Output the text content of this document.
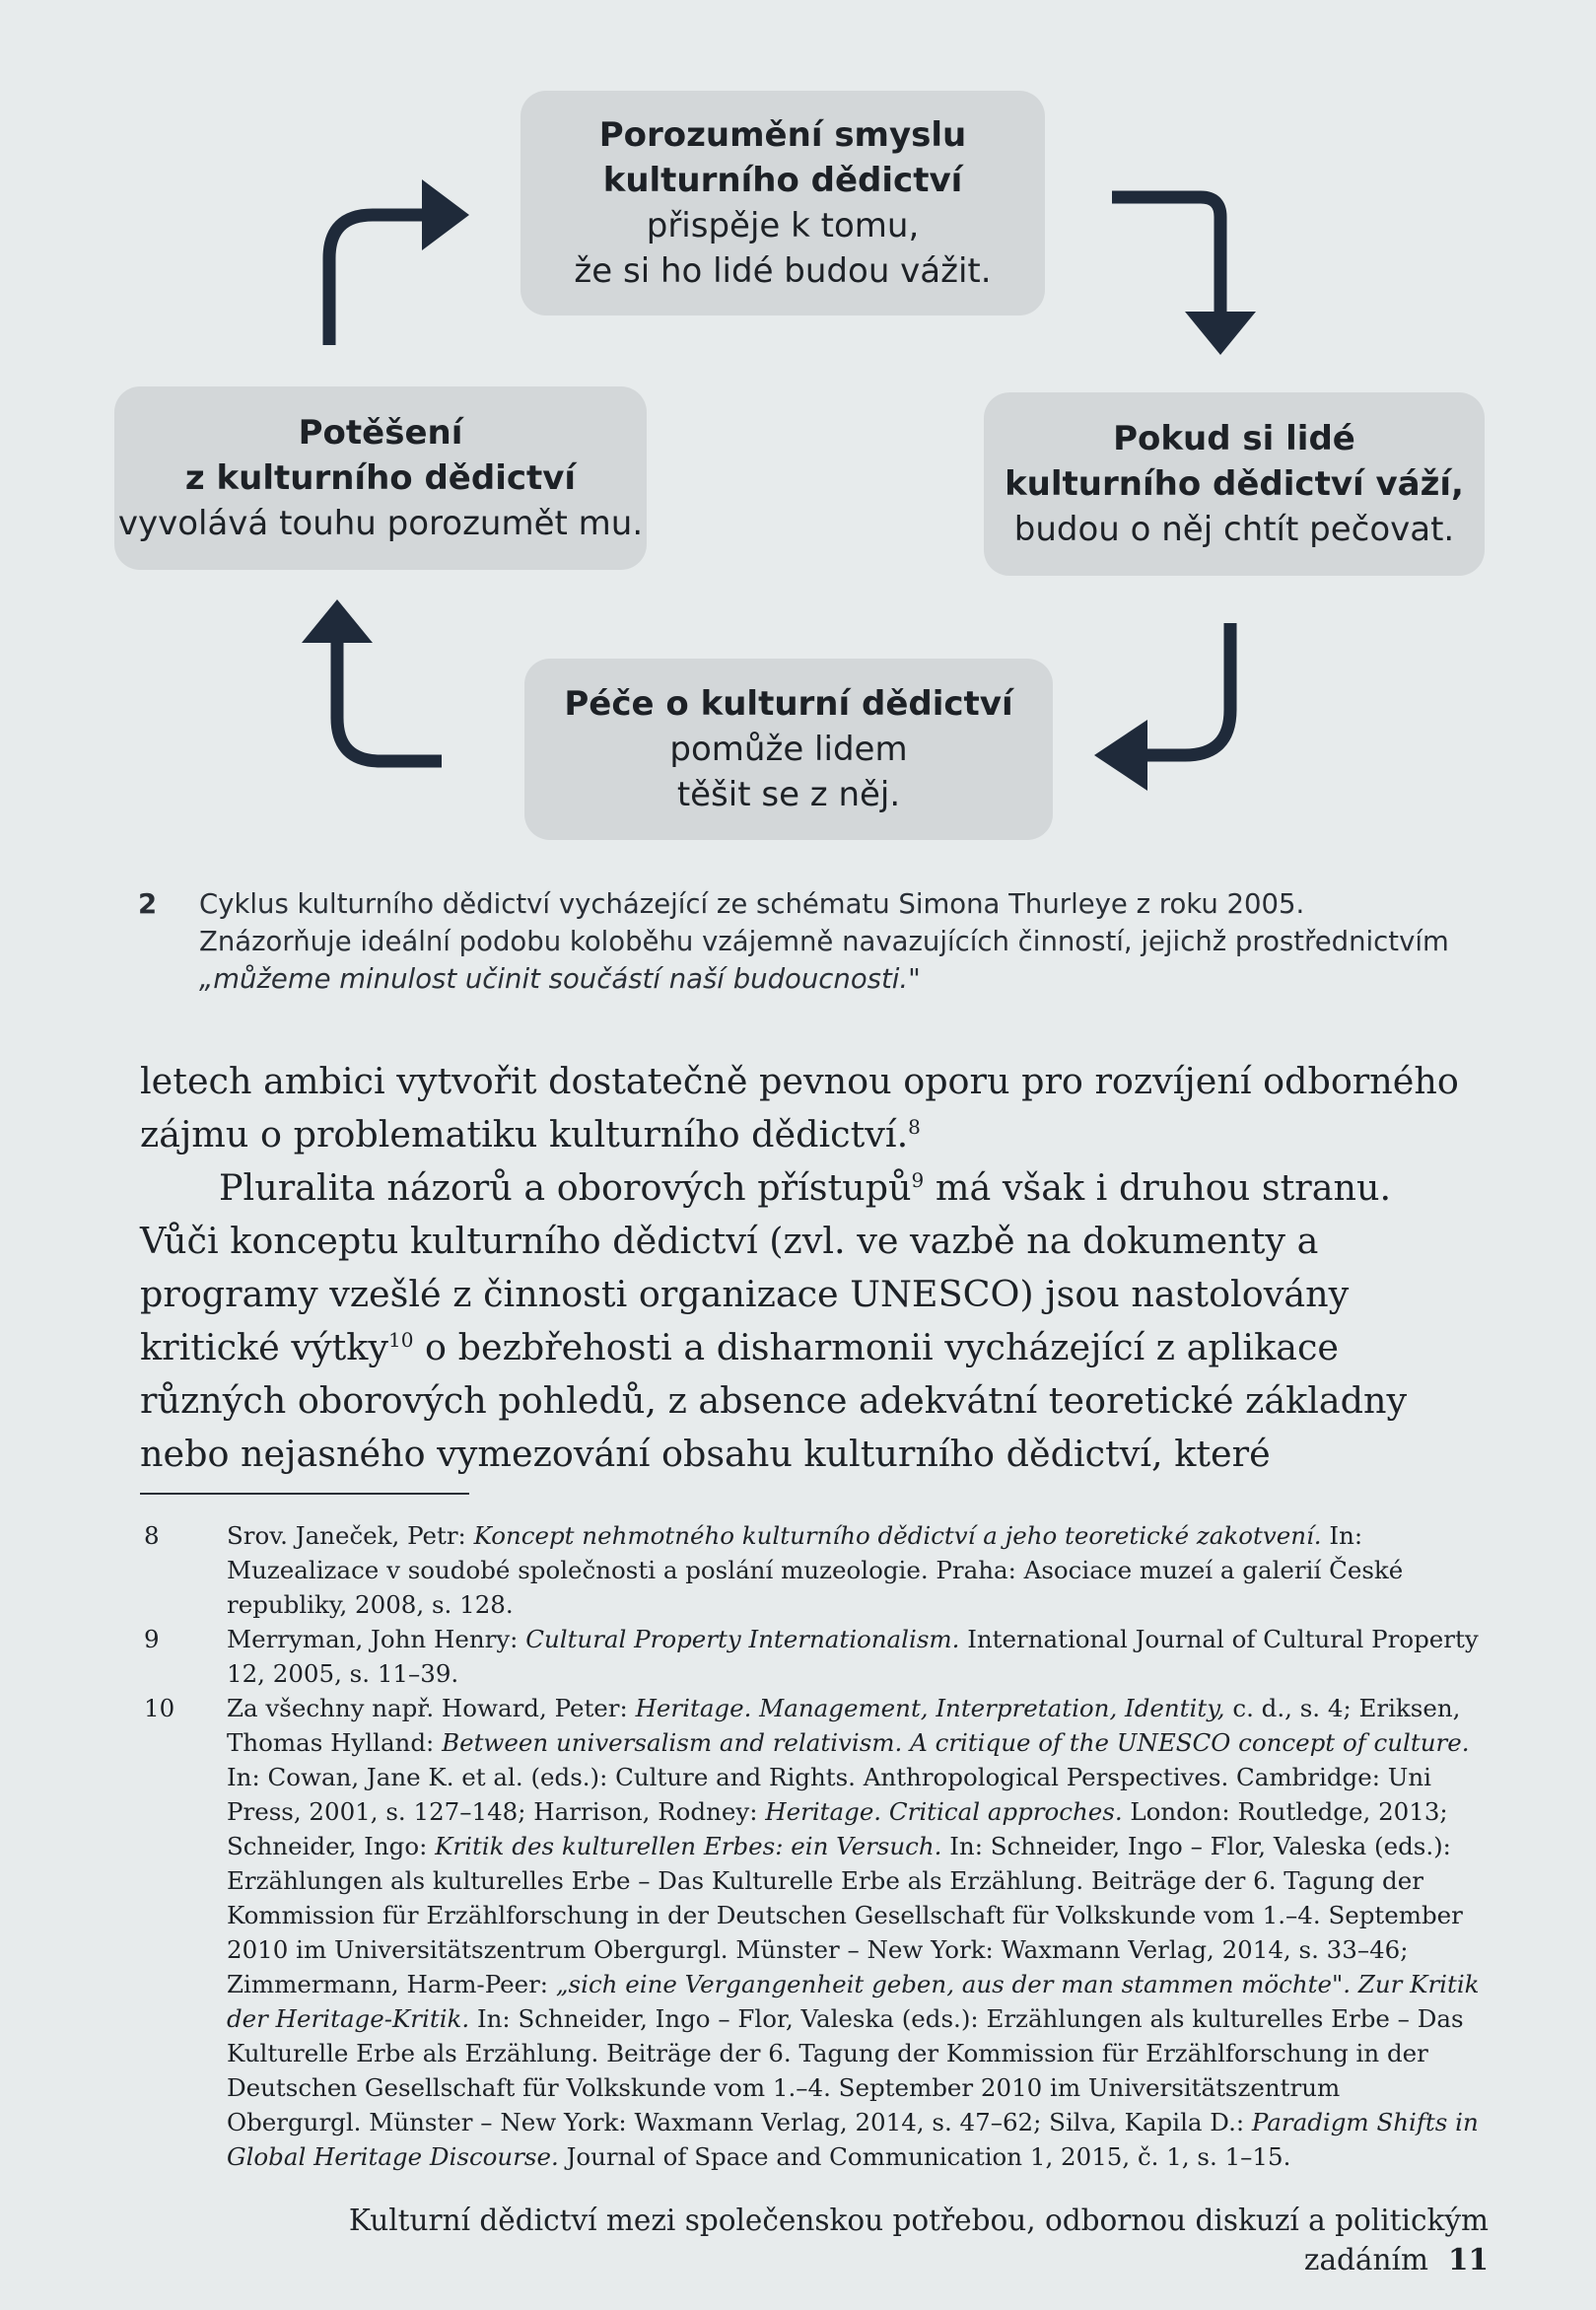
Porozumění smyslu
kulturního dědictví
přispěje k tomu,
že si ho lidé budou vážit.
Pokud si lidé
kulturního dědictví váží,
budou o něj chtít pečovat.
Péče o kulturní dědictví
pomůže lidem
těšit se z něj.
Potěšení
z kulturního dědictví
vyvolává touhu porozumět mu.
2 Cyklus kulturního dědictví vycházející ze schématu Simona Thurleye z roku 2005. Znázorňuje ideální podobu koloběhu vzájemně navazujících činností, jejichž prostřednictvím „můžeme minulost učinit součástí naší budoucnosti."

letech ambici vytvořit dostatečně pevnou oporu pro rozvíjení odborného zájmu o problematiku kulturního dědictví.$^8$

Pluralita názorů a oborových přístupů$^9$ má však i druhou stranu. Vůči konceptu kulturního dědictví (zvl. ve vazbě na dokumenty a programy vzešlé z činnosti organizace UNESCO) jsou nastolovány kritické výtky$^{10}$ o bezbřehosti a disharmonii vycházející z aplikace různých oborových pohledů, z absence adekvátní teoretické základny nebo nejasného vymezování obsahu kulturního dědictví, které

8	Srov. Janeček, Petr: Koncept nehmotného kulturního dědictví a jeho teoretické zakotvení. In: Muzealizace v soudobé společnosti a poslání muzeologie. Praha: Asociace muzeí a galerií České republiky, 2008, s. 128.
9	Merryman, John Henry: Cultural Property Internationalism. International Journal of Cultural Property 12, 2005, s. 11–39.
10 Za všechny např. Howard, Peter: Heritage. Management, Interpretation, Identity, c. d., s. 4; Eriksen, Thomas Hylland: Between universalism and relativism. A critique of the UNESCO concept of culture. In: Cowan, Jane K. et al. (eds.): Culture and Rights. Anthropological Perspectives. Cambridge: Uni Press, 2001, s. 127–148; Harrison, Rodney: Heritage. Critical approches. London: Routledge, 2013; Schneider, Ingo: Kritik des kulturellen Erbes: ein Versuch. In: Schneider, Ingo – Flor, Valeska (eds.): Erzählungen als kulturelles Erbe – Das Kulturelle Erbe als Erzählung. Beiträge der 6. Tagung der Kommission für Erzählforschung in der Deutschen Gesellschaft für Volkskunde vom 1.–4. September 2010 im Universitätszentrum Obergurgl. Münster – New York: Waxmann Verlag, 2014, s. 33–46; Zimmermann, Harm-Peer: „sich eine Vergangenheit geben, aus der man stammen möchte". Zur Kritik der Heritage-Kritik. In: Schneider, Ingo – Flor, Valeska (eds.): Erzählungen als kulturelles Erbe – Das Kulturelle Erbe als Erzählung. Beiträge der 6. Tagung der Kommission für Erzählforschung in der Deutschen Gesellschaft für Volkskunde vom 1.–4. September 2010 im Universitätszentrum Obergurgl. Münster – New York: Waxmann Verlag, 2014, s. 47–62; Silva, Kapila D.: Paradigm Shifts in Global Heritage Discourse. Journal of Space and Communication 1, 2015, č. 1, s. 1–15.
Kulturní dědictví mezi společenskou potřebou, odbornou diskuzí a politickým zadáním 11
